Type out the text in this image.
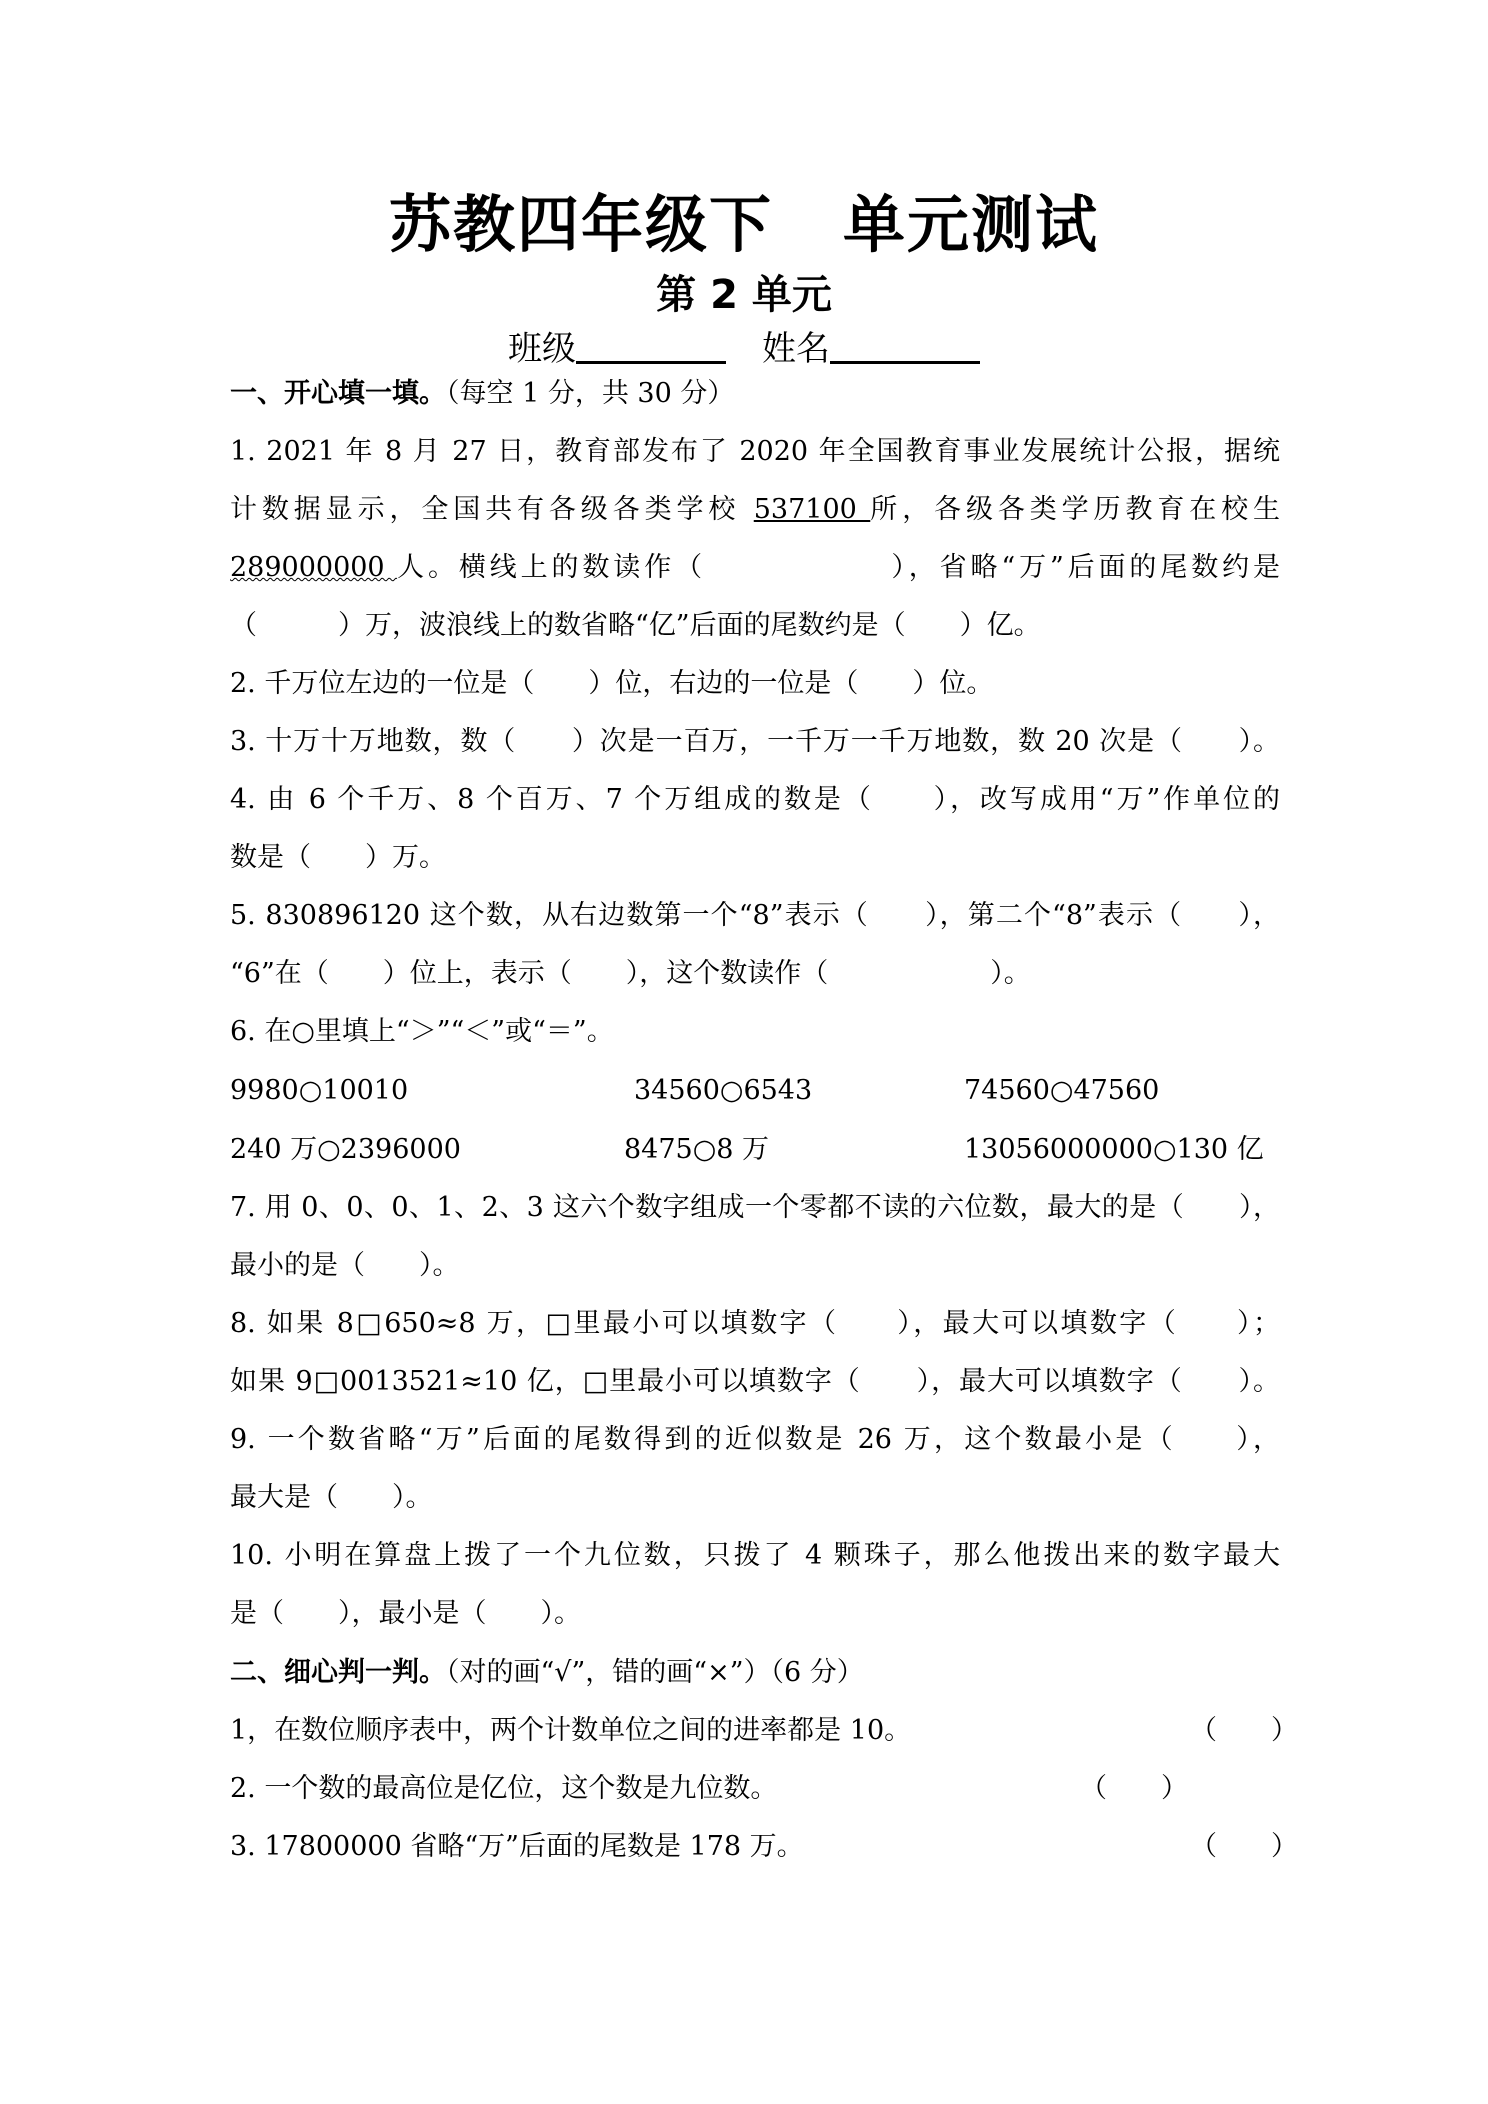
苏教四年级下 单元测试
第 2 单元
班级	姓名
一、开心填一填。（每空 1 分，共 30 分）
1. 2021 年 8 月 27 日，教育部发布了 2020 年全国教育事业发展统计公报，据统
计数据显示，全国共有各级各类学校 537100 所，各级各类学历教育在校生
289000000 人。横线上的数读作（　　　　　　），省略“万”后面的尾数约是
（　　　）万，波浪线上的数省略“亿”后面的尾数约是（　　）亿。
2. 千万位左边的一位是（　　）位，右边的一位是（　　）位。
3. 十万十万地数，数（　　）次是一百万，一千万一千万地数，数 20 次是（　　）。
4. 由 6 个千万、8 个百万、7 个万组成的数是（　　），改写成用“万”作单位的
数是（　　）万。
5. 830896120 这个数，从右边数第一个“8”表示（　　），第二个“8”表示（　　），
“6”在（　　）位上，表示（　　），这个数读作（　　　　　　）。
6. 在○里填上“＞”“＜”或“＝”。
9980○10010	34560○6543	74560○47560
240 万○2396000	8475○8 万	13056000000○130 亿
7. 用 0、0、0、1、2、3 这六个数字组成一个零都不读的六位数，最大的是（　　），
最小的是（　　）。
8. 如果 8□650≈8 万，□里最小可以填数字（　　），最大可以填数字（　　）；
如果 9□0013521≈10 亿，□里最小可以填数字（　　），最大可以填数字（　　）。
9. 一个数省略“万”后面的尾数得到的近似数是 26 万，这个数最小是（　　），
最大是（　　）。
10. 小明在算盘上拨了一个九位数，只拨了 4 颗珠子，那么他拨出来的数字最大
是（　　），最小是（　　）。
二、细心判一判。（对的画“√”，错的画“×”）（6 分）
1，在数位顺序表中，两个计数单位之间的进率都是 10。	（　　）
2. 一个数的最高位是亿位，这个数是九位数。	（　　）
3. 17800000 省略“万”后面的尾数是 178 万。	（　　）
